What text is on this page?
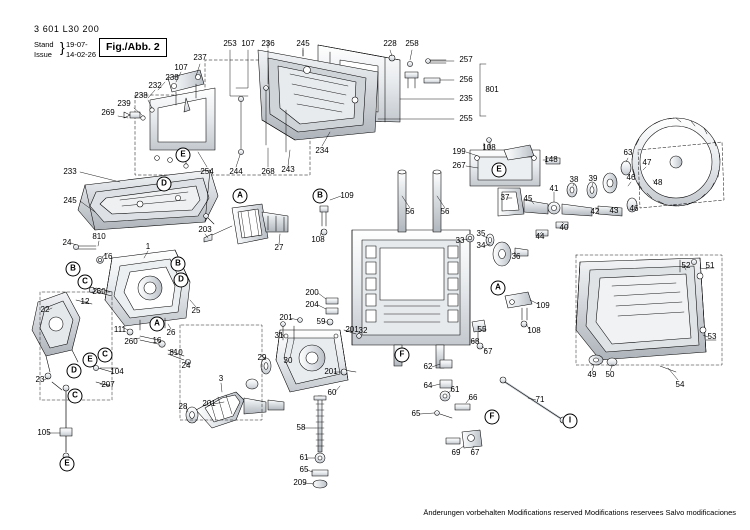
3 601 L30 200
Stand
Issue } 19-07-
14-02-26
Fig./Abb. 2
Änderungen vorbehalten Modifications reserved Modifications reservees Salvo modificaciones
253 107 236	245	228 258
237
107
238
232
238
239
269
257
256
235
255
801
234
254 244 268 243
233
245
199 108
148
267
63
47
48
46
41
38 39
37 45
42 43 46
40
44
33
35
34
36
56	56
109
108
109
108
55
68
67
62
64 61
66
65
69 67
71
52 51
53
49 50
54
24
810
16
1
203
27
260
12
25
111	26
260 16
810
24
22
104
207
23
105
31
29 30
28
3
32
201
201
201
201
200
204
59
60
58
61
65
209
A	B
E
D
E
A
B
C
B
D
A
E
C
D
C
E
F
F	I
